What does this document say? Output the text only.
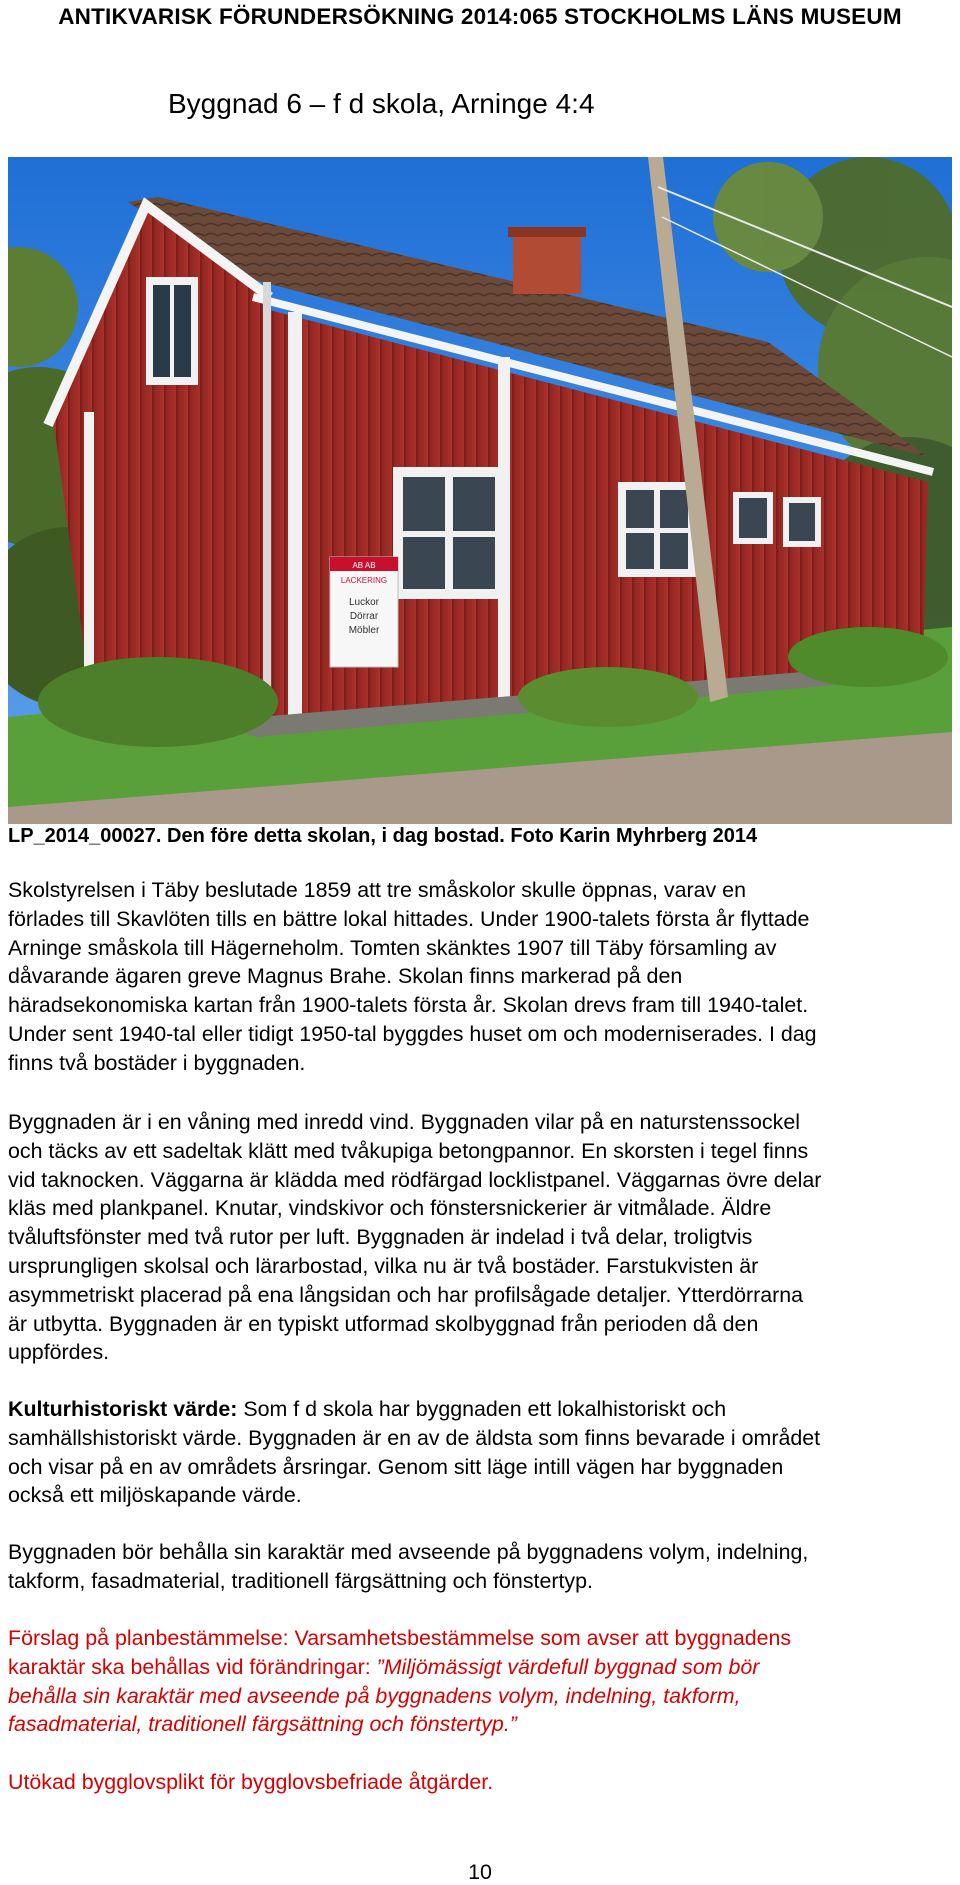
ANTIKVARISK FÖRUNDERSÖKNING 2014:065 STOCKHOLMS LÄNS MUSEUM
Byggnad 6 – f d skola, Arninge 4:4
AB AB
LACKERING
Luckor
Dörrar
Möbler
LP_2014_00027. Den före detta skolan, i dag bostad. Foto Karin Myhrberg 2014
Skolstyrelsen i Täby beslutade 1859 att tre småskolor skulle öppnas, varav en
förlades till Skavlöten tills en bättre lokal hittades. Under 1900-talets första år flyttade
Arninge småskola till Hägerneholm. Tomten skänktes 1907 till Täby församling av
dåvarande ägaren greve Magnus Brahe. Skolan finns markerad på den
häradsekonomiska kartan från 1900-talets första år. Skolan drevs fram till 1940-talet.
Under sent 1940-tal eller tidigt 1950-tal byggdes huset om och moderniserades. I dag
finns två bostäder i byggnaden.
Byggnaden är i en våning med inredd vind. Byggnaden vilar på en naturstenssockel
och täcks av ett sadeltak klätt med tvåkupiga betongpannor. En skorsten i tegel finns
vid taknocken. Väggarna är klädda med rödfärgad locklistpanel. Väggarnas övre delar
kläs med plankpanel. Knutar, vindskivor och fönstersnickerier är vitmålade. Äldre
tvåluftsfönster med två rutor per luft. Byggnaden är indelad i två delar, troligtvis
ursprungligen skolsal och lärarbostad, vilka nu är två bostäder. Farstukvisten är
asymmetriskt placerad på ena långsidan och har profilsågade detaljer. Ytterdörrarna
är utbytta. Byggnaden är en typiskt utformad skolbyggnad från perioden då den
uppfördes.
Kulturhistoriskt värde: Som f d skola har byggnaden ett lokalhistoriskt och
samhällshistoriskt värde. Byggnaden är en av de äldsta som finns bevarade i området
och visar på en av områdets årsringar. Genom sitt läge intill vägen har byggnaden
också ett miljöskapande värde.
Byggnaden bör behålla sin karaktär med avseende på byggnadens volym, indelning,
takform, fasadmaterial, traditionell färgsättning och fönstertyp.
Förslag på planbestämmelse: Varsamhetsbestämmelse som avser att byggnadens
karaktär ska behållas vid förändringar: ”Miljömässigt värdefull byggnad som bör
behålla sin karaktär med avseende på byggnadens volym, indelning, takform,
fasadmaterial, traditionell färgsättning och fönstertyp.”
Utökad bygglovsplikt för bygglovsbefriade åtgärder.
10
